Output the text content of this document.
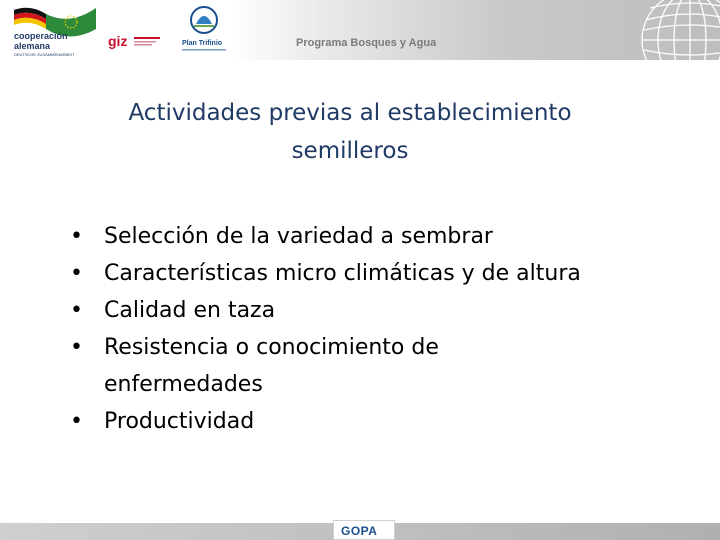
cooperación
alemana
DEUTSCHE ZUSAMMENARBEIT
giz	Plan Trifinio	Programa Bosques y Agua
Actividades previas al establecimiento
semilleros
• Selección de la variedad a sembrar
• Características micro climáticas y de altura
• Calidad en taza
• Resistencia o conocimiento de
enfermedades
• Productividad
GOPA
